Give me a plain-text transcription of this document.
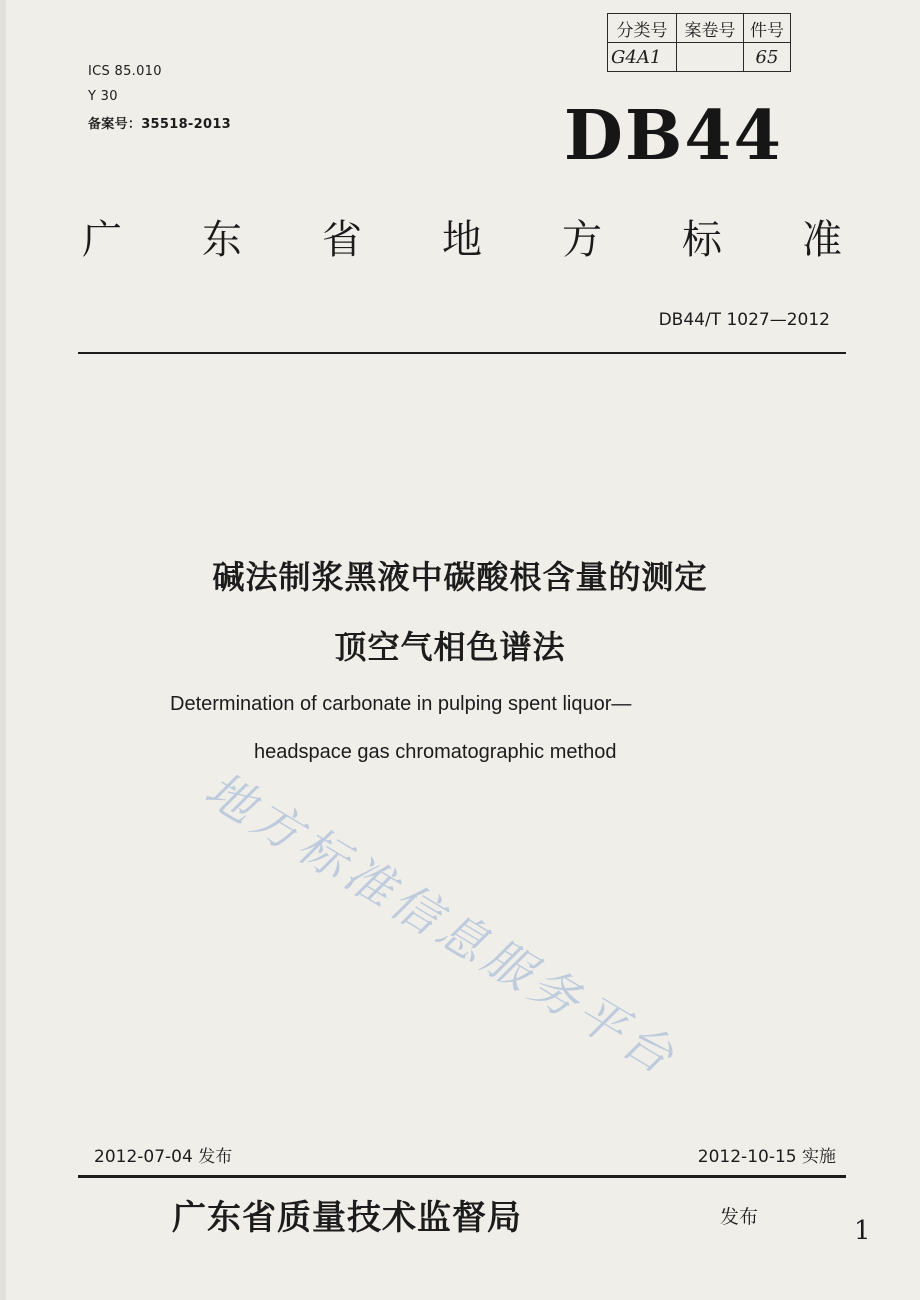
分类号	案卷号	件号
G4A1		65
ICS 85.010
Y 30
备案号：35518-2013	DB44
广 东 省 地 方 标 准
DB44/T 1027—2012
碱法制浆黑液中碳酸根含量的测定
顶空气相色谱法
Determination of carbonate in pulping spent liquor—
headspace gas chromatographic method
地方标准信息服务平台
2012-07-04 发布	2012-10-15 实施
广东省质量技术监督局	发布	1
